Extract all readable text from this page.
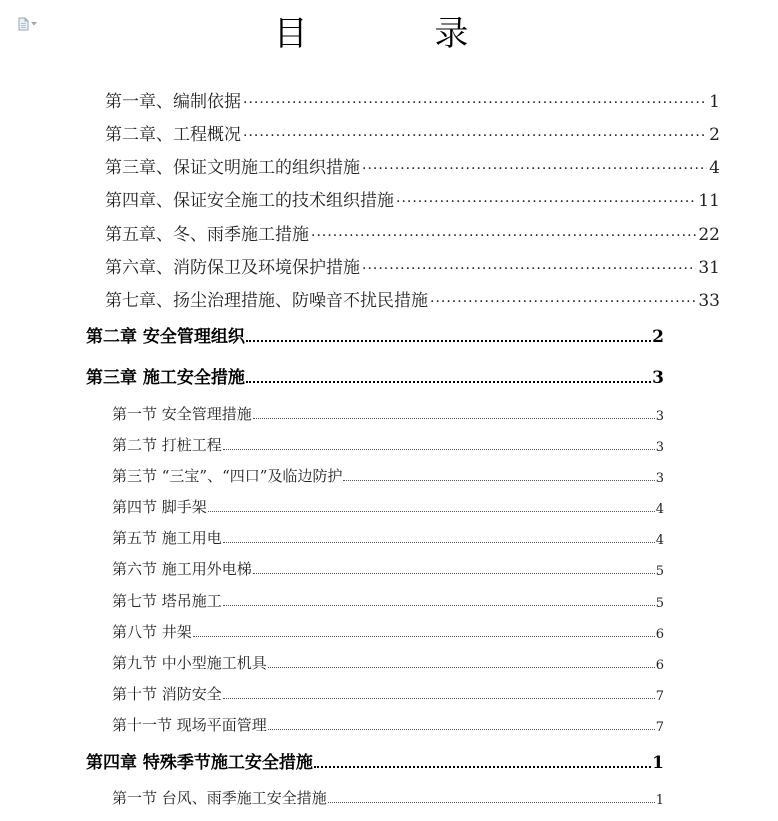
目 录
第一章、编制依据 ·····	1
第二章、工程概况 ·····	2
第三章、保证文明施工的组织措施 ·····	4
第四章、保证安全施工的技术组织措施 ·····	11
第五章、冬、雨季施工措施 ·····	22
第六章、消防保卫及环境保护措施 ·····	31
第七章、扬尘治理措施、防噪音不扰民措施 ·····	33
第二章 安全管理组织	2
第三章 施工安全措施	3
第一节 安全管理措施	3
第二节 打桩工程	3
第三节 “三宝”、“四口”及临边防护	3
第四节 脚手架	4
第五节 施工用电	4
第六节 施工用外电梯	5
第七节 塔吊施工	5
第八节 井架	6
第九节 中小型施工机具	6
第十节 消防安全	7
第十一节 现场平面管理	7
第四章 特殊季节施工安全措施	1
第一节 台风、雨季施工安全措施	1
